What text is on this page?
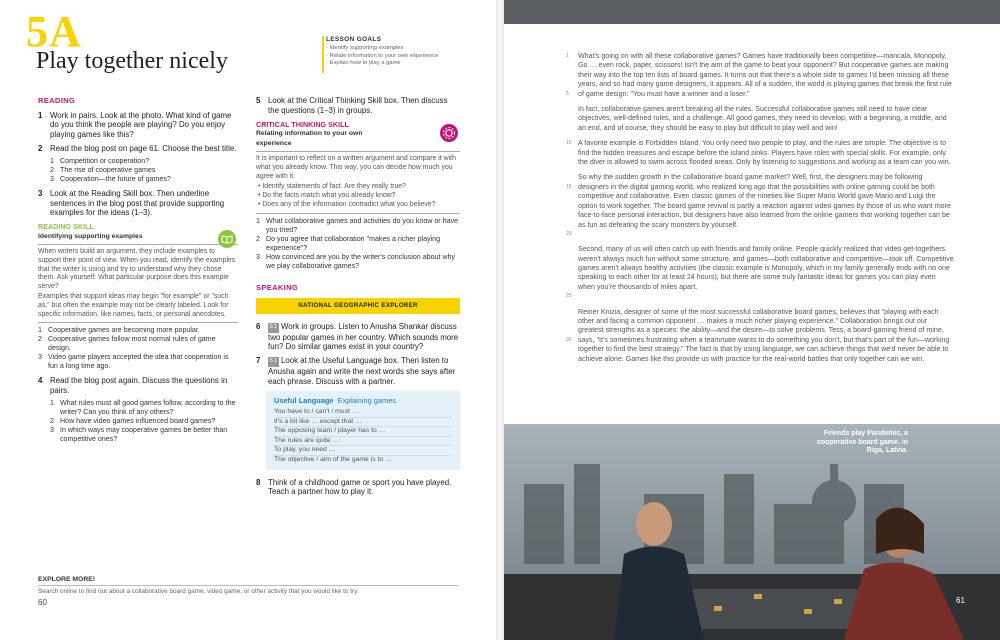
5A
Play together nicely
LESSON GOALS
• Identify supporting examples
• Relate information to your own experience
• Explain how to play a game
READING
1 Work in pairs. Look at the photo. What kind of game do you think the people are playing? Do you enjoy playing games like this?
2 Read the blog post on page 61. Choose the best title.
1 Competition or cooperation?
2 The rise of cooperative games
3 Cooperation—the future of games?
3 Look at the Reading Skill box. Then underline sentences in the blog post that provide supporting examples for the ideas (1–3).
READING SKILL
Identifying supporting examples

When writers build an argument, they include examples to support their point of view. When you read, identify the examples that the writer is using and try to understand why they chose them. Ask yourself: What particular purpose does this example serve?

Examples that support ideas may begin "for example" or "such as," but often the example may not be clearly labeled. Look for specific information, like names, facts, or personal anecdotes.

1 Cooperative games are becoming more popular.
2 Cooperative games follow most normal rules of game design.
3 Video game players accepted the idea that cooperation is fun a long time ago.
4 Read the blog post again. Discuss the questions in pairs.
1 What rules must all good games follow, according to the writer? Can you think of any others?
2 How have video games influenced board games?
3 In which ways may cooperative games be better than competitive ones?
5 Look at the Critical Thinking Skill box. Then discuss the questions (1–3) in groups.
CRITICAL THINKING SKILL
Relating information to your own experience

It is important to reflect on a written argument and compare it with what you already know. This way, you can decide how much you agree with it.

• Identify statements of fact. Are they really true?
• Do the facts match what you already know?
• Does any of the information contradict what you believe?
1 What collaborative games and activities do you know or have you tried?
2 Do you agree that collaboration "makes a richer playing experience"?
3 How convinced are you by the writer's conclusion about why we play collaborative games?
SPEAKING
NATIONAL GEOGRAPHIC EXPLORER
6	5.1 Work in groups. Listen to Anusha Shankar discuss two popular games in her country. Which sounds more fun? Do similar games exist in your country?
7	5.1 Look at the Useful Language box. Then listen to Anusha again and write the next words she says after each phrase. Discuss with a partner.
Useful Language Explaining games
You have to / can't / must …
It's a bit like … except that …
The opposing team / player has to …
The rules are quite …
To play, you need …
The objective / aim of the game is to …
8 Think of a childhood game or sport you have played. Teach a partner how to play it.
EXPLORE MORE!
Search online to find out about a collaborative board game, video game, or other activity that you would like to try.
60
1
5
What's going on with all these collaborative games? Games have traditionally been competitive—mancala, Monopoly, Go … even rock, paper, scissors! Isn't the aim of the game to beat your opponent? But cooperative games are making their way into the top ten lists of board games. It turns out that there's a whole side to games I'd been missing all these years, and so had many game designers, it appears. All of a sudden, the world is playing games that break the first rule of game design: "You must have a winner and a loser."
In fact, collaborative games aren't breaking all the rules. Successful collaborative games still need to have clear objectives, well-defined rules, and a challenge. All good games, they need to develop, with a beginning, a middle, and an end, and of course, they should be easy to play but difficult to play well and win!
10 A favorite example is Forbidden Island. You only need two people to play, and the rules are simple. The objective is to find the hidden treasures and escape before the island sinks. Players have roles with special skills. For example, only the diver is allowed to swim across flooded areas. Only by listening to suggestions and working as a team can you win.
15
20
So why the sudden growth in the collaborative board game market? Well, first, the designers may be following designers in the digital gaming world, who realized long ago that the possibilities with online gaming could be both competitive and collaborative. Even classic games of the nineties like Super Mario World gave Mario and Luigi the option to work together. The board game revival is partly a reaction against video games by those of us who want more face-to-face personal interaction, but designers have also learned from the online gamers that working together can be as fun as defeating the scary monsters by yourself.
25
Second, many of us will often catch up with friends and family online. People quickly realized that video get-togethers weren't always much fun without some structure, and games—both collaborative and competitive—took off. Competitive games aren't always healthy activities (the classic example is Monopoly, which in my family generally ends with no one speaking to each other for at least 24 hours), but there are some truly fantastic ideas for games you can play even when you're thousands of miles apart.
30
Reiner Knizia, designer of some of the most successful collaborative board games, believes that "playing with each other and facing a common opponent … makes a much richer playing experience." Collaboration brings out our greatest strengths as a species: the ability—and the desire—to solve problems. Tess, a board-gaming friend of mine, says, "It's sometimes frustrating when a teammate wants to do something you don't, but that's part of the fun—working together to find the best strategy." The fact is that by using language, we can achieve things that we'd never be able to achieve alone. Games like this provide us with practice for the real-world battles that only together can we win.
Friends play Pandemic, a cooperative board game, in Riga, Latvia.
61
